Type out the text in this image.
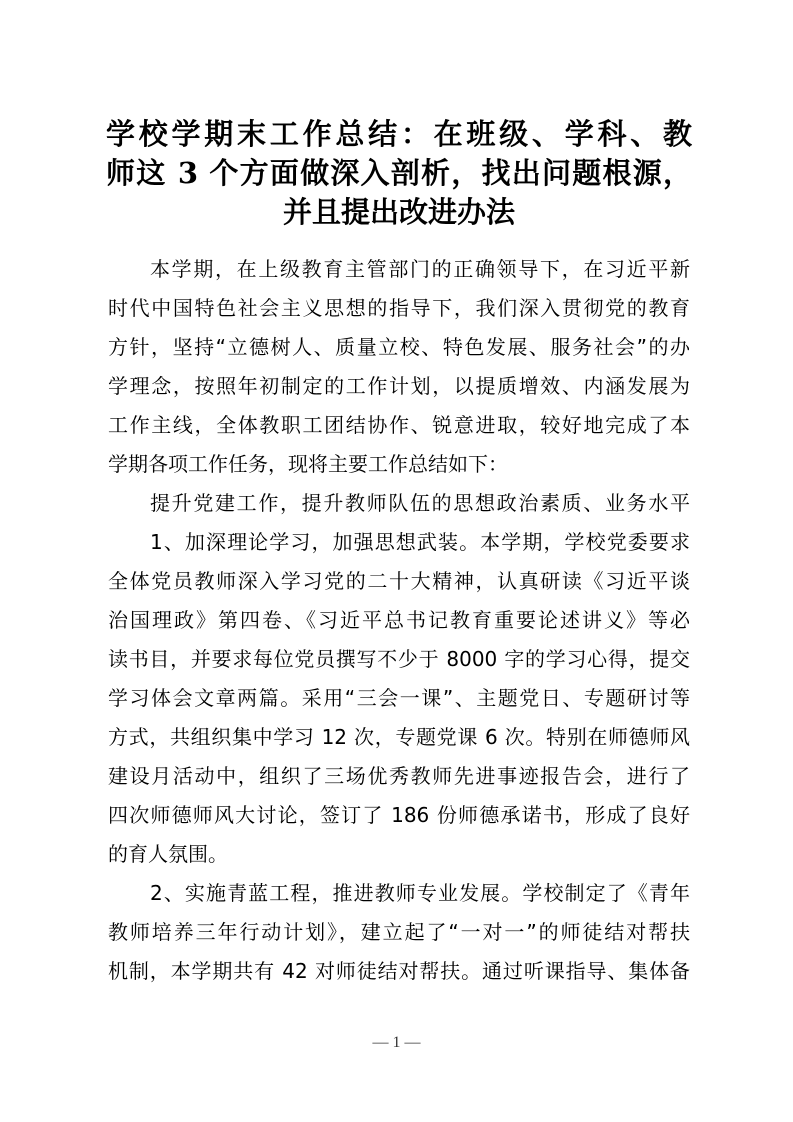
学校学期末工作总结：在班级、学科、教
师这 3 个方面做深入剖析，找出问题根源，
并且提出改进办法
本学期，在上级教育主管部门的正确领导下，在习近平新
时代中国特色社会主义思想的指导下，我们深入贯彻党的教育
方针，坚持“立德树人、质量立校、特色发展、服务社会”的办
学理念，按照年初制定的工作计划，以提质增效、内涵发展为
工作主线，全体教职工团结协作、锐意进取，较好地完成了本
学期各项工作任务，现将主要工作总结如下：
提升党建工作，提升教师队伍的思想政治素质、业务水平
1、加深理论学习，加强思想武装。本学期，学校党委要求
全体党员教师深入学习党的二十大精神，认真研读《习近平谈
治国理政》第四卷、《习近平总书记教育重要论述讲义》等必
读书目，并要求每位党员撰写不少于 8000 字的学习心得，提交
学习体会文章两篇。采用“三会一课”、主题党日、专题研讨等
方式，共组织集中学习 12 次，专题党课 6 次。特别在师德师风
建设月活动中，组织了三场优秀教师先进事迹报告会，进行了
四次师德师风大讨论，签订了 186 份师德承诺书，形成了良好
的育人氛围。
2、实施青蓝工程，推进教师专业发展。学校制定了《青年
教师培养三年行动计划》，建立起了“一对一”的师徒结对帮扶
机制，本学期共有 42 对师徒结对帮扶。通过听课指导、集体备
— 1 —
